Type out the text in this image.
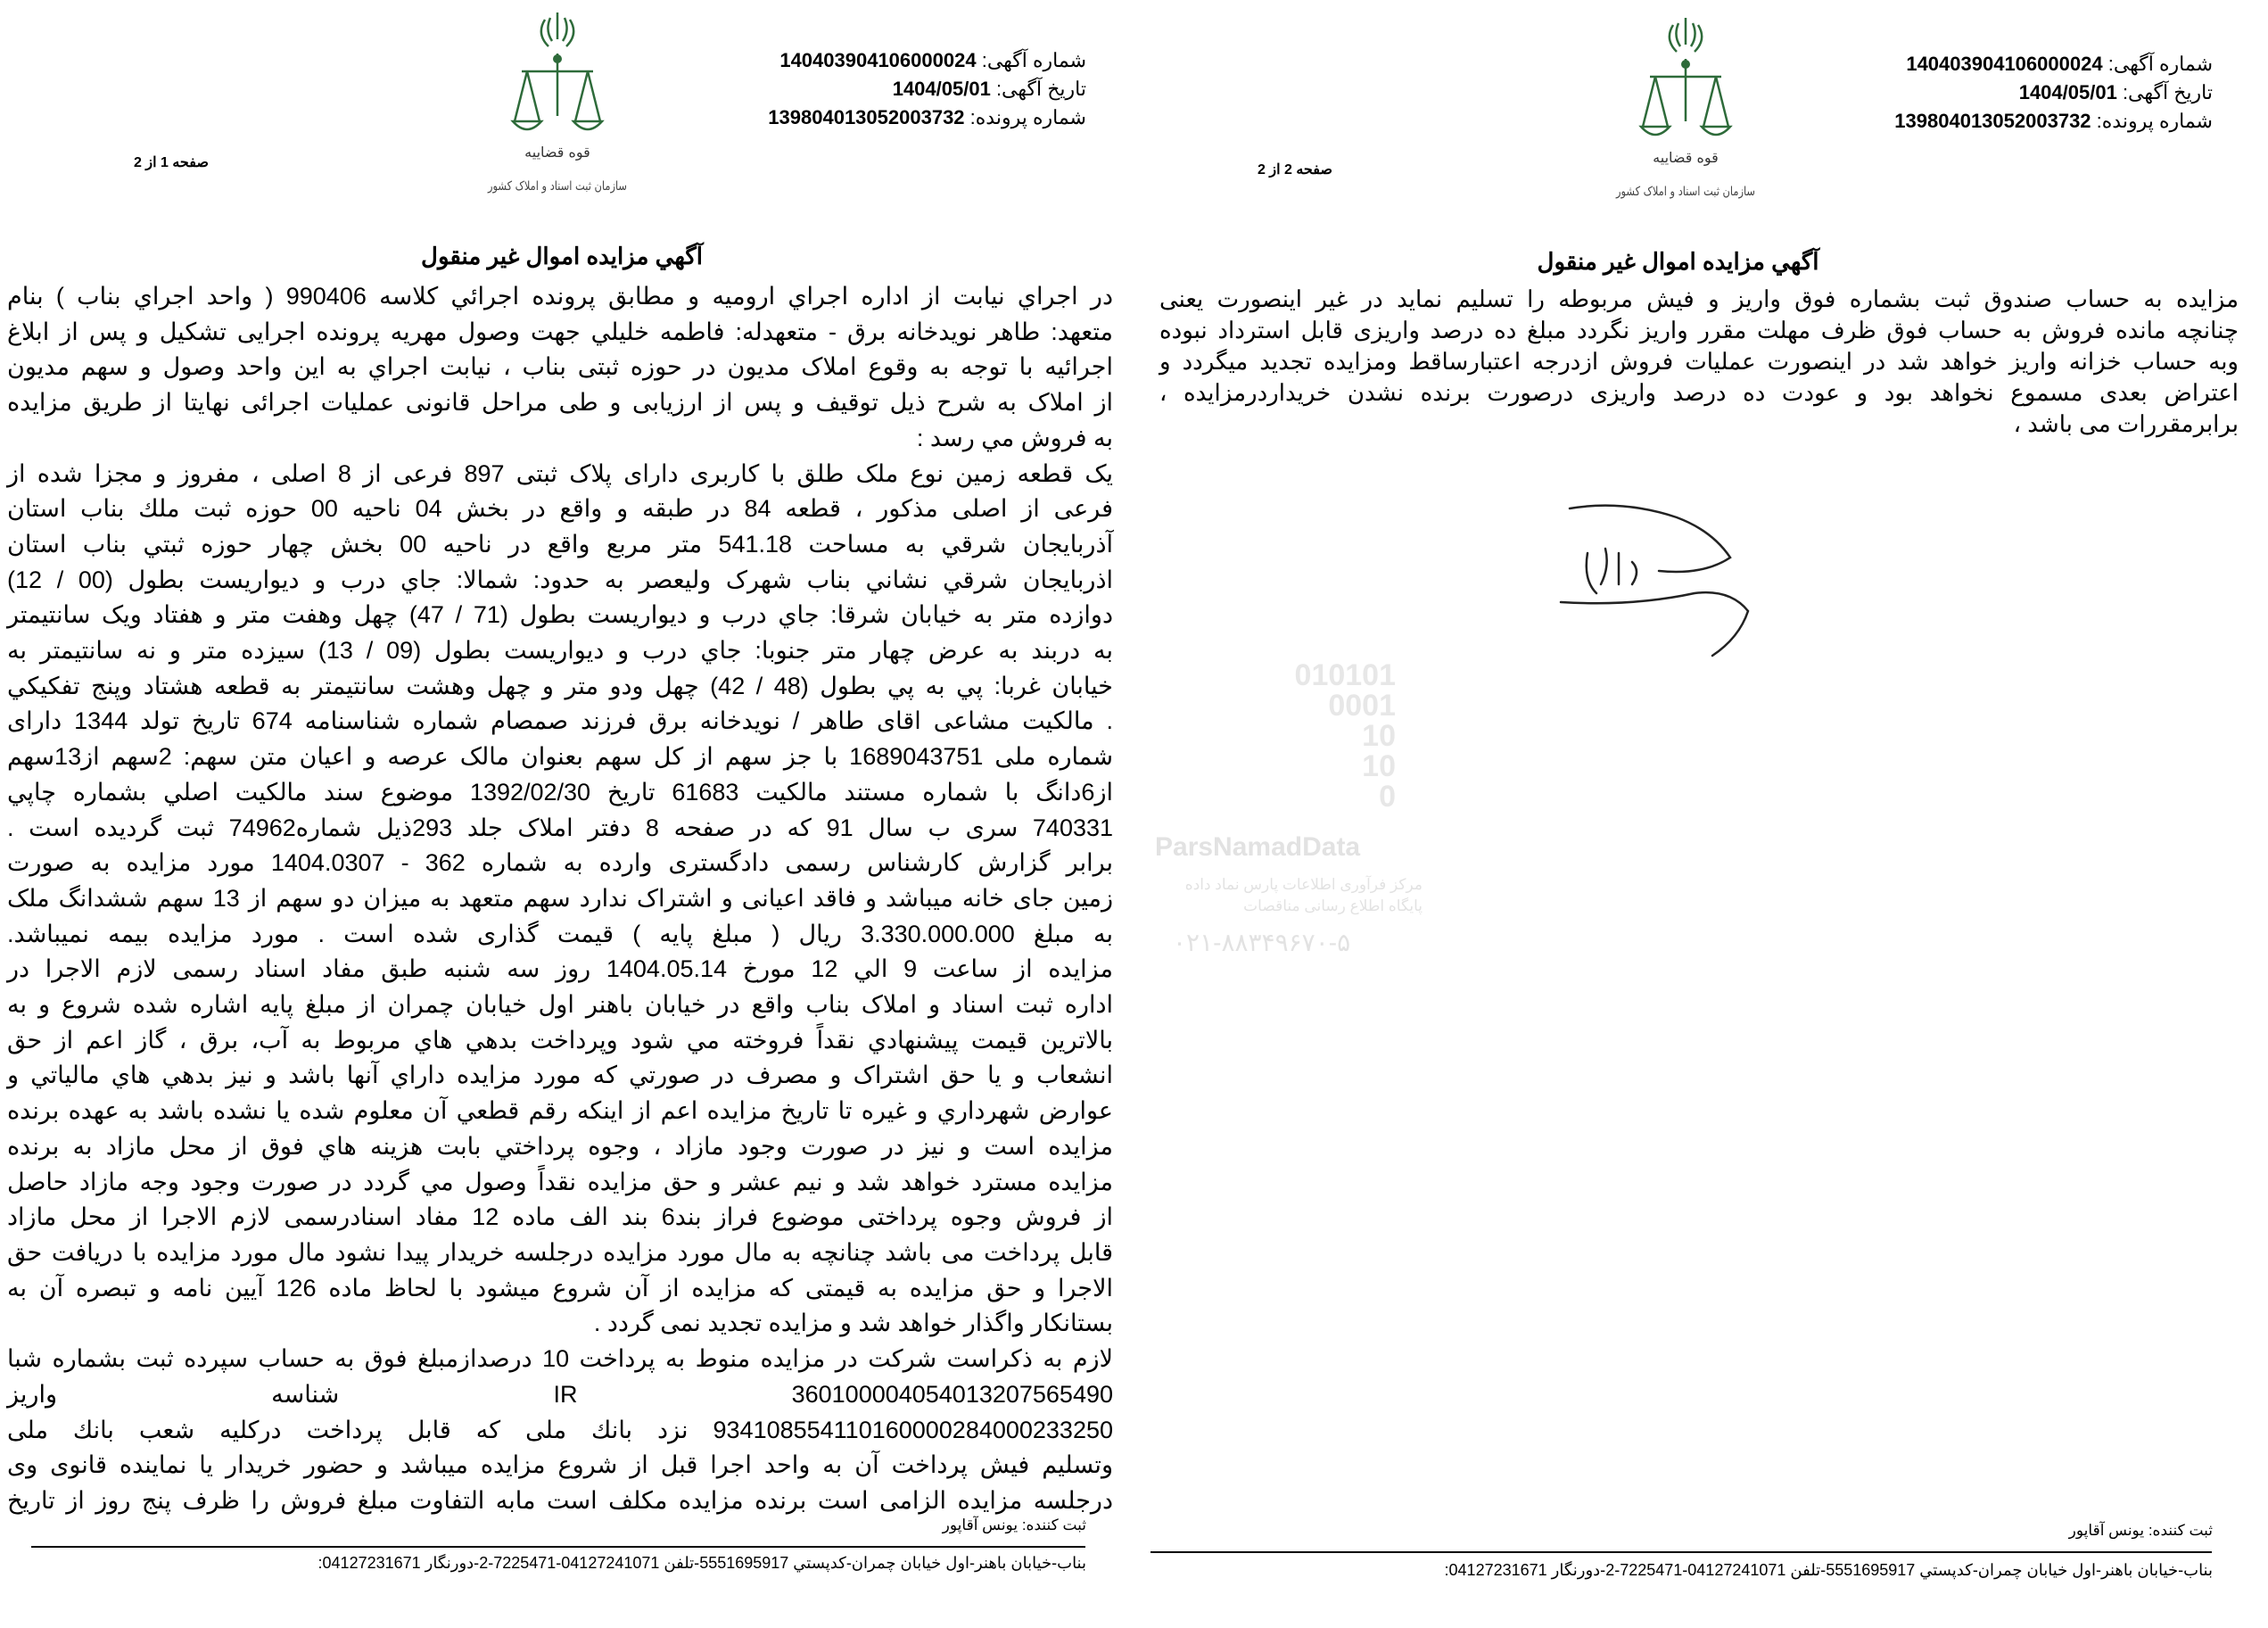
شماره آگهی: 140403904106000024
تاریخ آگهی: 1404/05/01
شماره پرونده: 139804013052003732
قوه قضاییه
سازمان ثبت اسناد و املاک کشور
صفحه 1 از 2
آگهي مزايده اموال غير منقول
در اجراي نيابت از اداره اجراي اروميه و مطابق پرونده اجرائي كلاسه 990406 ( واحد اجراي بناب ) بنام
متعهد: طاهر نويدخانه برق - متعهدله: فاطمه خليلي جهت وصول مهريه پرونده اجرايی تشکيل و پس از ابلاغ
اجرائيه با توجه به وقوع املاک مديون در حوزه ثبتی بناب ، نيابت اجراي به اين واحد وصول و سهم مديون
از املاک به شرح ذيل توقيف و پس از ارزيابی و طی مراحل قانونی عمليات اجرائی نهايتا از طريق مزايده
به فروش مي رسد :
يک قطعه زمين نوع ملک طلق با کاربری دارای پلاک ثبتی 897 فرعی از 8 اصلی ، مفروز و مجزا شده از
فرعی از اصلی مذکور ، قطعه 84 در طبقه و واقع در بخش 04 ناحيه 00 حوزه ثبت ملك بناب استان
آذربايجان شرقي به مساحت 541.18 متر مربع واقع در ناحيه 00 بخش چهار حوزه ثبتي بناب استان
اذربايجان شرقي نشاني بناب شهرک وليعصر به حدود: شمالا: جاي درب و ديواريست بطول (00 / 12)
دوازده متر به خيابان شرقا: جاي درب و ديواريست بطول (71 / 47) چهل وهفت متر و هفتاد ويک سانتيمتر
به دربند به عرض چهار متر جنوبا: جاي درب و ديواريست بطول (09 / 13) سيزده متر و نه سانتيمتر به
خيابان غربا: پي به پي بطول (48 / 42) چهل ودو متر و چهل وهشت سانتيمتر به قطعه هشتاد وپنج تفکيکي
. مالکيت مشاعی اقای طاهر / نويدخانه برق فرزند صمصام شماره شناسنامه 674 تاريخ تولد 1344 دارای
شماره ملی 1689043751 با جز سهم از کل سهم بعنوان مالک عرصه و اعيان متن سهم: 2سهم از13سهم
از6دانگ با شماره مستند مالكيت 61683 تاريخ 1392/02/30 موضوع سند مالكيت اصلي بشماره چاپي
740331 سری ب سال 91 که در صفحه 8 دفتر املاک جلد 293ذيل شماره74962 ثبت گرديده است .
برابر گزارش کارشناس رسمی دادگستری وارده به شماره 362 - 1404.0307 مورد مزايده به صورت
زمين جای خانه ميباشد و فاقد اعيانی و اشتراک ندارد سهم متعهد به ميزان دو سهم از 13 سهم ششدانگ ملک
به مبلغ 3.330.000.000 ريال ( مبلغ پايه ) قيمت گذاری شده است . مورد مزايده بيمه نميباشد.
مزايده از ساعت 9 الي 12 مورخ 1404.05.14 روز سه شنبه طبق مفاد اسناد رسمی لازم الاجرا در
اداره ثبت اسناد و املاک بناب واقع در خيابان باهنر اول خيابان چمران از مبلغ پايه اشاره شده شروع و به
بالاترين قيمت پيشنهادي نقداً فروخته مي شود وپرداخت بدهي هاي مربوط به آب، برق ، گاز اعم از حق
انشعاب و يا حق اشتراک و مصرف در صورتي که مورد مزايده داراي آنها باشد و نيز بدهي هاي مالياتي و
عوارض شهرداري و غيره تا تاريخ مزايده اعم از اينکه رقم قطعي آن معلوم شده يا نشده باشد به عهده برنده
مزايده است و نيز در صورت وجود مازاد ، وجوه پرداختي بابت هزينه هاي فوق از محل مازاد به برنده
مزايده مسترد خواهد شد و نيم عشر و حق مزايده نقداً وصول مي گردد در صورت وجود وجه مازاد حاصل
از فروش وجوه پرداختی موضوع فراز بند6 بند الف ماده 12 مفاد اسنادرسمی لازم الاجرا از محل مازاد
قابل پرداخت می باشد چنانچه به مال مورد مزايده درجلسه خريدار پيدا نشود مال مورد مزايده با دريافت حق
الاجرا و حق مزايده به قيمتی که مزايده از آن شروع ميشود با لحاظ ماده 126 آيين نامه و تبصره آن به
بستانكار واگذار خواهد شد و مزايده تجديد نمی گردد .
لازم به ذكراست شركت در مزايده منوط به پرداخت 10 درصدازمبلغ فوق به حساب سپرده ثبت بشماره شبا
IR 360100004054013207565490 شناسه واريز
934108554110160000284000233250 نزد بانك ملی كه قابل پرداخت دركليه شعب بانك ملی
وتسليم فيش پرداخت آن به واحد اجرا قبل از شروع مزايده ميباشد و حضور خريدار يا نماينده قانوی وی
درجلسه مزايده الزامی است برنده مزايده مكلف است مابه التفاوت مبلغ فروش را ظرف پنج روز از تاريخ
ثبت کننده: یونس آقاپور
بناب-خيابان باهنر-اول خيابان چمران-كدپستي 5551695917-تلفن 04127241071-7225471-2-دورنگار 04127231671:
شماره آگهی: 140403904106000024
تاریخ آگهی: 1404/05/01
شماره پرونده: 139804013052003732
قوه قضاییه
سازمان ثبت اسناد و املاک کشور
صفحه 2 از 2
آگهي مزايده اموال غير منقول
مزايده به حساب صندوق ثبت بشماره فوق واريز و فيش مربوطه را تسليم نمايد در غير اينصورت يعنی
چنانچه مانده فروش به حساب فوق ظرف مهلت مقرر واريز نگردد مبلغ ده درصد واريزی قابل استرداد نبوده
وبه حساب خزانه واريز خواهد شد در اينصورت عمليات فروش ازدرجه اعتبارساقط ومزايده تجديد ميگردد و
اعتراض بعدی مسموع نخواهد بود و عودت ده درصد واريزی درصورت برنده نشدن خريداردرمزايده ،
برابرمقررات می باشد ،
ثبت کننده: یونس آقاپور
بناب-خيابان باهنر-اول خيابان چمران-كدپستي 5551695917-تلفن 04127241071-7225471-2-دورنگار 04127231671:
010101
0001
10
10
0
ParsNamadData
مرکز فرآوری اطلاعات پارس نماد داده
پایگاه اطلاع رسانی مناقصات
۰۲۱-۸۸۳۴۹۶۷۰-۵
